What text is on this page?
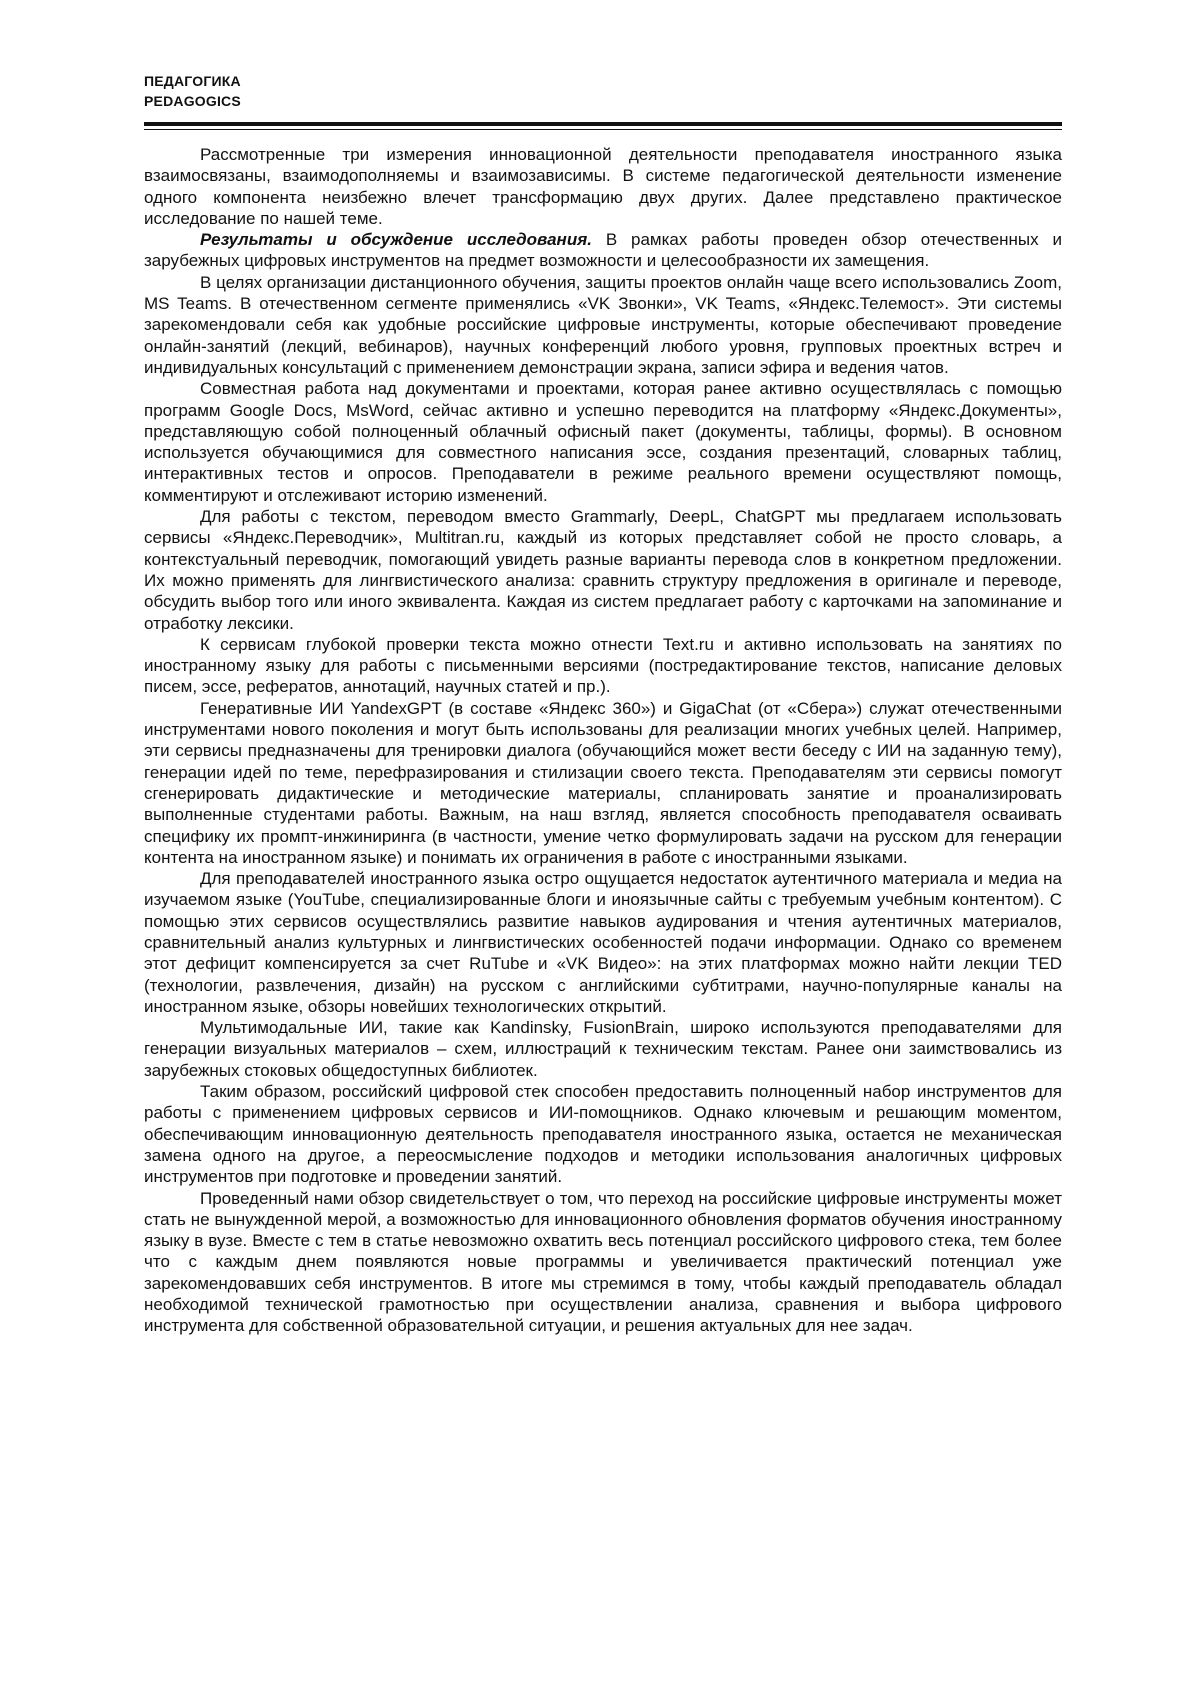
ПЕДАГОГИКА
PEDAGOGICS

Рассмотренные три измерения инновационной деятельности преподавателя иностранного языка взаимосвязаны, взаимодополняемы и взаимозависимы. В системе педагогической деятельности изменение одного компонента неизбежно влечет трансформацию двух других. Далее представлено практическое исследование по нашей теме.

Результаты и обсуждение исследования. В рамках работы проведен обзор отечественных и зарубежных цифровых инструментов на предмет возможности и целесообразности их замещения.

В целях организации дистанционного обучения, защиты проектов онлайн чаще всего использовались Zoom, MS Teams. В отечественном сегменте применялись «VK Звонки», VK Teams, «Яндекс.Телемост». Эти системы зарекомендовали себя как удобные российские цифровые инструменты, которые обеспечивают проведение онлайн-занятий (лекций, вебинаров), научных конференций любого уровня, групповых проектных встреч и индивидуальных консультаций с применением демонстрации экрана, записи эфира и ведения чатов.

Совместная работа над документами и проектами, которая ранее активно осуществлялась с помощью программ Google Docs, MsWord, сейчас активно и успешно переводится на платформу «Яндекс.Документы», представляющую собой полноценный облачный офисный пакет (документы, таблицы, формы). В основном используется обучающимися для совместного написания эссе, создания презентаций, словарных таблиц, интерактивных тестов и опросов. Преподаватели в режиме реального времени осуществляют помощь, комментируют и отслеживают историю изменений.

Для работы с текстом, переводом вместо Grammarly, DeepL, ChatGPT мы предлагаем использовать сервисы «Яндекс.Переводчик», Multitran.ru, каждый из которых представляет собой не просто словарь, а контекстуальный переводчик, помогающий увидеть разные варианты перевода слов в конкретном предложении. Их можно применять для лингвистического анализа: сравнить структуру предложения в оригинале и переводе, обсудить выбор того или иного эквивалента. Каждая из систем предлагает работу с карточками на запоминание и отработку лексики.

К сервисам глубокой проверки текста можно отнести Text.ru и активно использовать на занятиях по иностранному языку для работы с письменными версиями (постредактирование текстов, написание деловых писем, эссе, рефератов, аннотаций, научных статей и пр.).

Генеративные ИИ YandexGPT (в составе «Яндекс 360») и GigaChat (от «Сбера») служат отечественными инструментами нового поколения и могут быть использованы для реализации многих учебных целей. Например, эти сервисы предназначены для тренировки диалога (обучающийся может вести беседу с ИИ на заданную тему), генерации идей по теме, перефразирования и стилизации своего текста. Преподавателям эти сервисы помогут сгенерировать дидактические и методические материалы, спланировать занятие и проанализировать выполненные студентами работы. Важным, на наш взгляд, является способность преподавателя осваивать специфику их промпт-инжиниринга (в частности, умение четко формулировать задачи на русском для генерации контента на иностранном языке) и понимать их ограничения в работе с иностранными языками.

Для преподавателей иностранного языка остро ощущается недостаток аутентичного материала и медиа на изучаемом языке (YouTube, специализированные блоги и иноязычные сайты с требуемым учебным контентом). С помощью этих сервисов осуществлялись развитие навыков аудирования и чтения аутентичных материалов, сравнительный анализ культурных и лингвистических особенностей подачи информации. Однако со временем этот дефицит компенсируется за счет RuTube и «VK Видео»: на этих платформах можно найти лекции TED (технологии, развлечения, дизайн) на русском с английскими субтитрами, научно-популярные каналы на иностранном языке, обзоры новейших технологических открытий.

Мультимодальные ИИ, такие как Kandinsky, FusionBrain, широко используются преподавателями для генерации визуальных материалов – схем, иллюстраций к техническим текстам. Ранее они заимствовались из зарубежных стоковых общедоступных библиотек.

Таким образом, российский цифровой стек способен предоставить полноценный набор инструментов для работы с применением цифровых сервисов и ИИ-помощников. Однако ключевым и решающим моментом, обеспечивающим инновационную деятельность преподавателя иностранного языка, остается не механическая замена одного на другое, а переосмысление подходов и методики использования аналогичных цифровых инструментов при подготовке и проведении занятий.

Проведенный нами обзор свидетельствует о том, что переход на российские цифровые инструменты может стать не вынужденной мерой, а возможностью для инновационного обновления форматов обучения иностранному языку в вузе. Вместе с тем в статье невозможно охватить весь потенциал российского цифрового стека, тем более что с каждым днем появляются новые программы и увеличивается практический потенциал уже зарекомендовавших себя инструментов. В итоге мы стремимся в тому, чтобы каждый преподаватель обладал необходимой технической грамотностью при осуществлении анализа, сравнения и выбора цифрового инструмента для собственной образовательной ситуации, и решения актуальных для нее задач.
